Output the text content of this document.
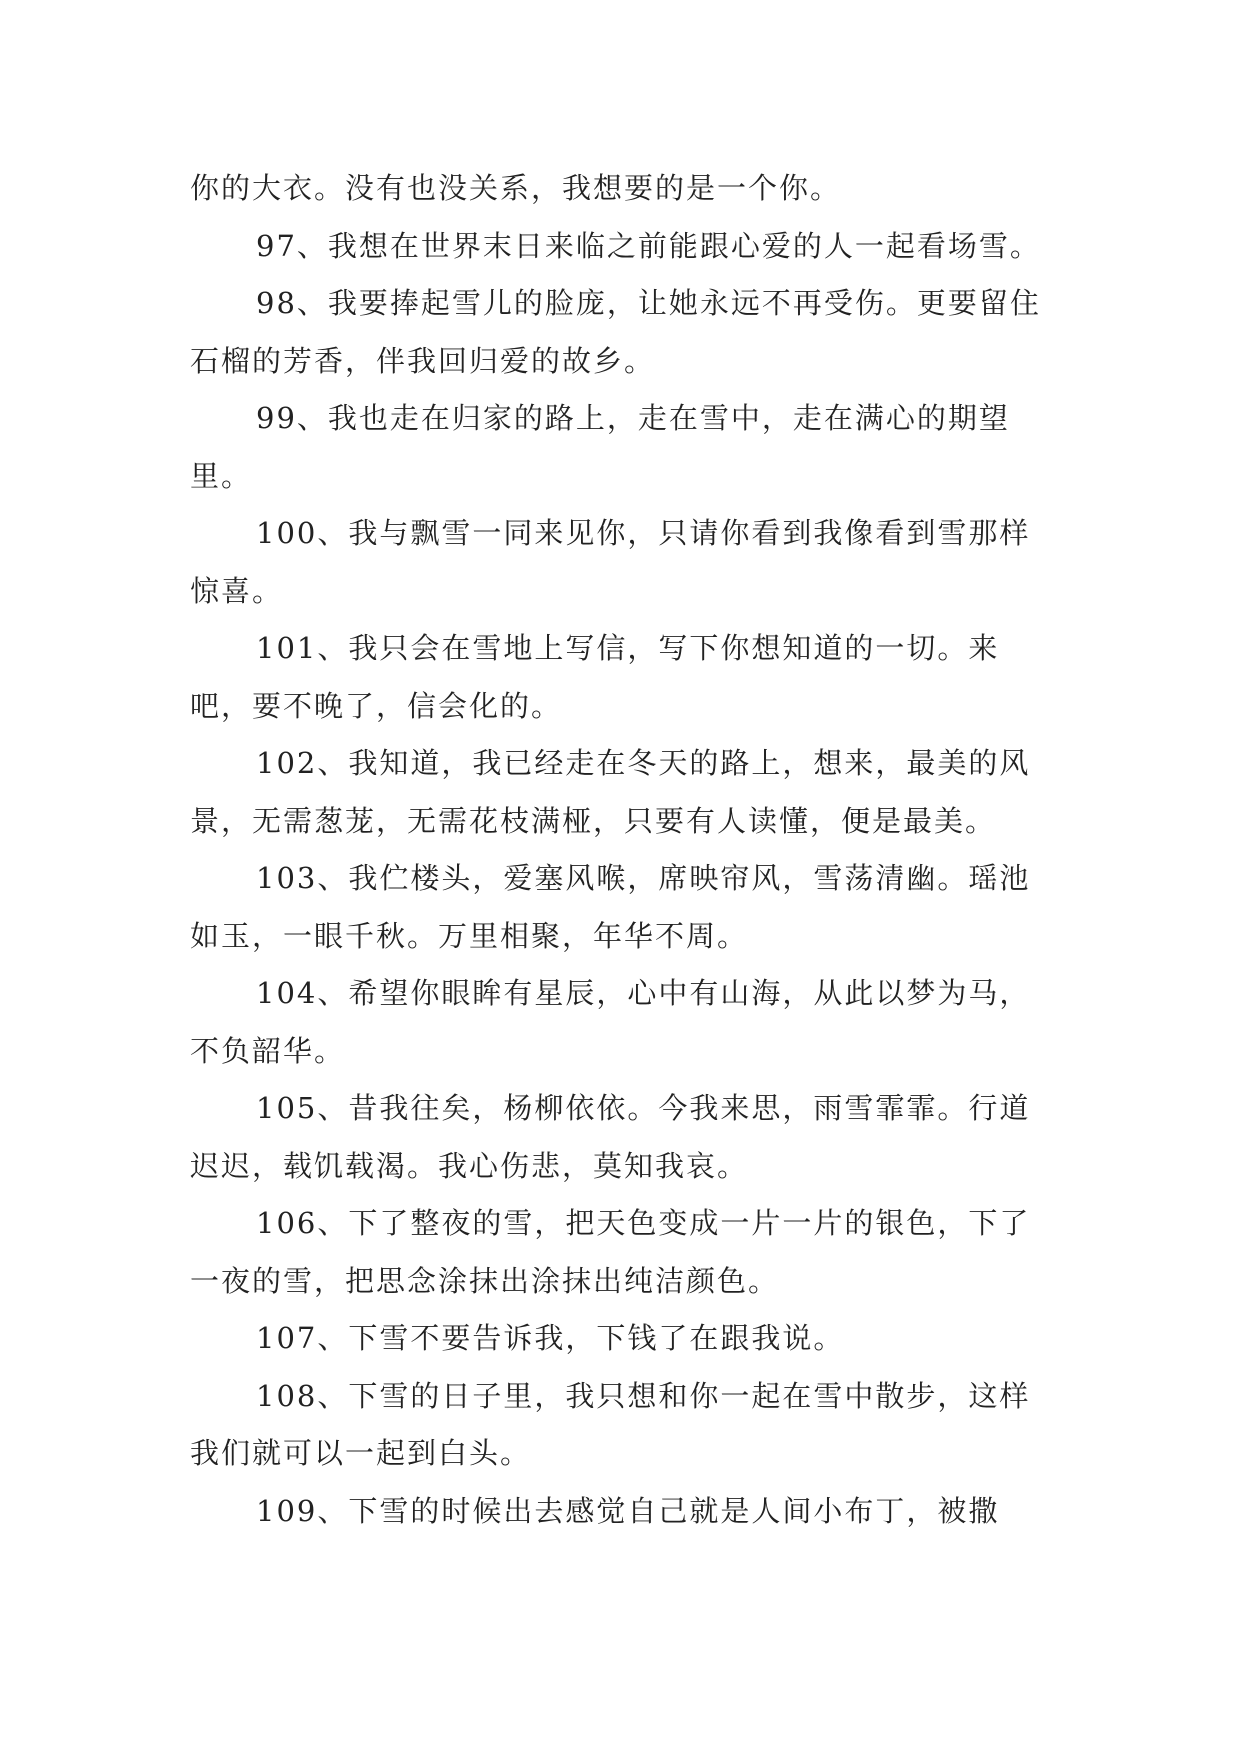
你的大衣。没有也没关系，我想要的是一个你。

97、我想在世界末日来临之前能跟心爱的人一起看场雪。

98、我要捧起雪儿的脸庞，让她永远不再受伤。更要留住石榴的芳香，伴我回归爱的故乡。

99、我也走在归家的路上，走在雪中，走在满心的期望里。

100、我与飘雪一同来见你，只请你看到我像看到雪那样惊喜。

101、我只会在雪地上写信，写下你想知道的一切。来吧，要不晚了，信会化的。

102、我知道，我已经走在冬天的路上，想来，最美的风景，无需葱茏，无需花枝满桠，只要有人读懂，便是最美。

103、我伫楼头，爱塞风喉，席映帘风，雪荡清幽。瑶池如玉，一眼千秋。万里相聚，年华不周。

104、希望你眼眸有星辰，心中有山海，从此以梦为马，不负韶华。

105、昔我往矣，杨柳依依。今我来思，雨雪霏霏。行道迟迟，载饥载渴。我心伤悲，莫知我哀。

106、下了整夜的雪，把天色变成一片一片的银色，下了一夜的雪，把思念涂抹出涂抹出纯洁颜色。

107、下雪不要告诉我，下钱了在跟我说。

108、下雪的日子里，我只想和你一起在雪中散步，这样我们就可以一起到白头。

109、下雪的时候出去感觉自己就是人间小布丁，被撒
